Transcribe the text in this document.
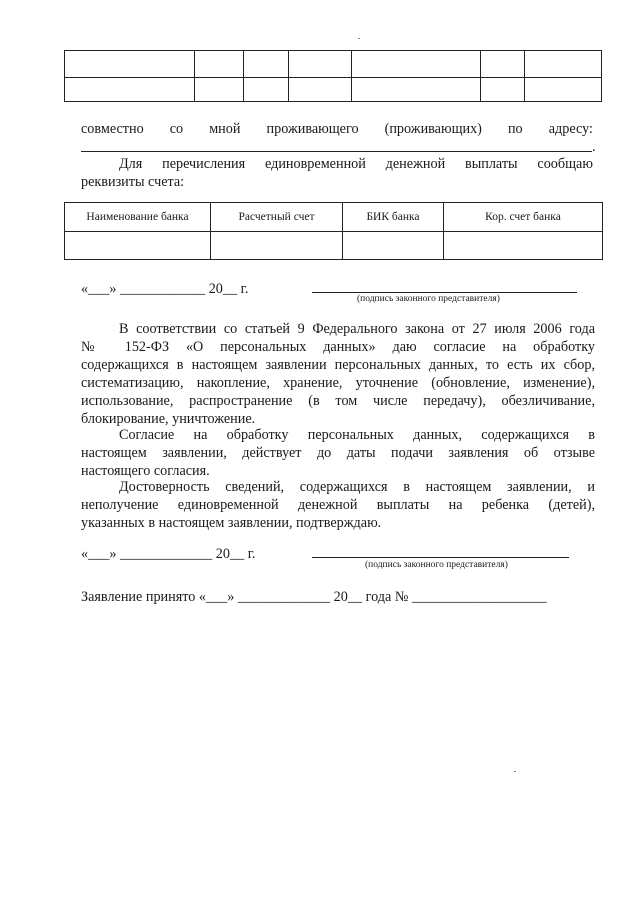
совместно со мной проживающего (проживающих) по адресу:
.
Для перечисления единовременной денежной выплаты сообщаю
реквизиты счета:
Наименование банка	Расчетный счет	БИК банка	Кор. счет банка

«___» ____________ 20__ г.
(подпись законного представителя)
В соответствии со статьей 9 Федерального закона от 27 июля 2006 года
№ 152-ФЗ «О персональных данных» даю согласие на обработку
содержащихся в настоящем заявлении персональных данных, то есть их сбор,
систематизацию, накопление, хранение, уточнение (обновление, изменение),
использование, распространение (в том числе передачу), обезличивание,
блокирование, уничтожение.
Согласие на обработку персональных данных, содержащихся в
настоящем заявлении, действует до даты подачи заявления об отзыве
настоящего согласия.
Достоверность сведений, содержащихся в настоящем заявлении, и
неполучение единовременной денежной выплаты на ребенка (детей),
указанных в настоящем заявлении, подтверждаю.
«___» _____________ 20__ г.
(подпись законного представителя)
Заявление принято «___» _____________ 20__ года № ___________________
